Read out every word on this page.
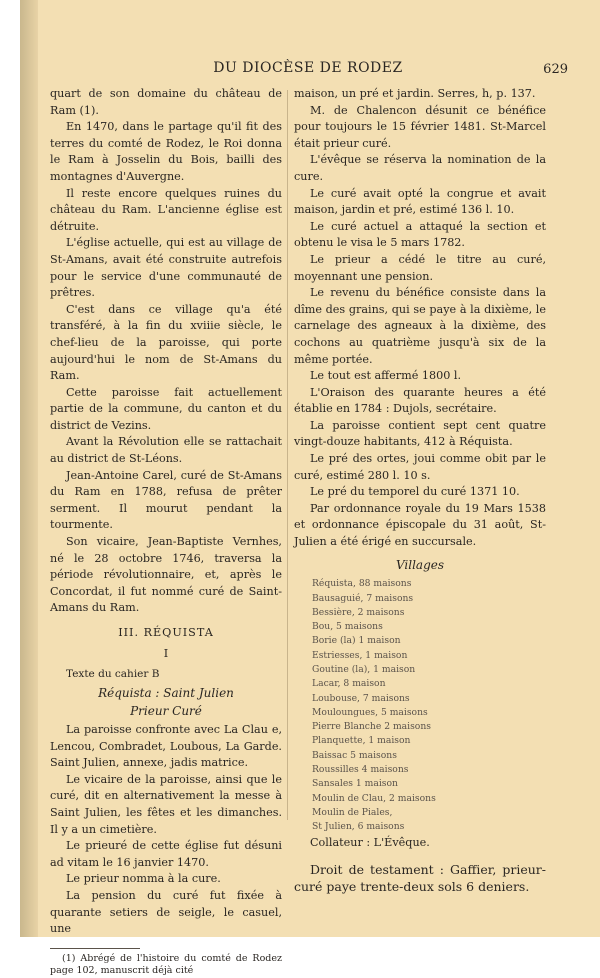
DU DIOCÈSE DE RODEZ	629

quart de son domaine du château de Ram (1).

En 1470, dans le partage qu'il fit des terres du comté de Rodez, le Roi donna le Ram à Josselin du Bois, bailli des montagnes d'Auvergne.

Il reste encore quelques ruines du château du Ram. L'ancienne église est détruite.

L'église actuelle, qui est au village de St-Amans, avait été construite autrefois pour le service d'une communauté de prêtres.

C'est dans ce village qu'a été transféré, à la fin du xviiie siècle, le chef-lieu de la paroisse, qui porte aujourd'hui le nom de St-Amans du Ram.

Cette paroisse fait actuellement partie de la commune, du canton et du district de Vezins.

Avant la Révolution elle se rattachait au district de St-Léons.

Jean-Antoine Carel, curé de St-Amans du Ram en 1788, refusa de prêter serment. Il mourut pendant la tourmente.

Son vicaire, Jean-Baptiste Vernhes, né le 28 octobre 1746, traversa la période révolutionnaire, et, après le Concordat, il fut nommé curé de Saint-Amans du Ram.

III. RÉQUISTA

I

Texte du cahier B

Réquista : Saint Julien

Prieur Curé

La paroisse confronte avec La Clau e, Lencou, Combradet, Loubous, La Garde. Saint Julien, annexe, jadis matrice.

Le vicaire de la paroisse, ainsi que le curé, dit en alternativement la messe à Saint Julien, les fêtes et les dimanches. Il y a un cimetière.

Le prieuré de cette église fut désuni ad vitam le 16 janvier 1470.

Le prieur nomma à la cure.

La pension du curé fut fixée à quarante setiers de seigle, le casuel, une

(1) Abrégé de l'histoire du comté de Rodez page 102, manuscrit déjà cité

maison, un pré et jardin. Serres, h, p. 137.

M. de Chalencon désunit ce bénéfice pour toujours le 15 février 1481. St-Marcel était prieur curé.

L'évêque se réserva la nomination de la cure.

Le curé avait opté la congrue et avait maison, jardin et pré, estimé 136 l. 10.

Le curé actuel a attaqué la section et obtenu le visa le 5 mars 1782.

Le prieur a cédé le titre au curé, moyennant une pension.

Le revenu du bénéfice consiste dans la dîme des grains, qui se paye à la dixième, le carnelage des agneaux à la dixième, des cochons au quatrième jusqu'à six de la même portée.

Le tout est affermé 1800 l.

L'Oraison des quarante heures a été établie en 1784 : Dujols, secrétaire.

La paroisse contient sept cent quatre vingt-douze habitants, 412 à Réquista.

Le pré des ortes, joui comme obit par le curé, estimé 280 l. 10 s.

Le pré du temporel du curé 1371 10.

Par ordonnance royale du 19 Mars 1538 et ordonnance épiscopale du 31 août, St-Julien a été érigé en succursale.

Villages

Réquista, 88 maisons
Bausaguié, 7 maisons
Bessière, 2 maisons
Bou, 5 maisons
Borie (la) 1 maison
Estriesses, 1 maison
Goutine (la), 1 maison
Lacar, 8 maison
Loubouse, 7 maisons
Mouloungues, 5 maisons
Pierre Blanche 2 maisons
Planquette, 1 maison
Baissac 5 maisons
Roussilles 4 maisons
Sansales 1 maison
Moulin de Clau, 2 maisons
Moulin de Piales,
St Julien, 6 maisons

Collateur : L'Évêque.

Droit de testament : Gaffier, prieur-curé paye trente-deux sols 6 deniers.
